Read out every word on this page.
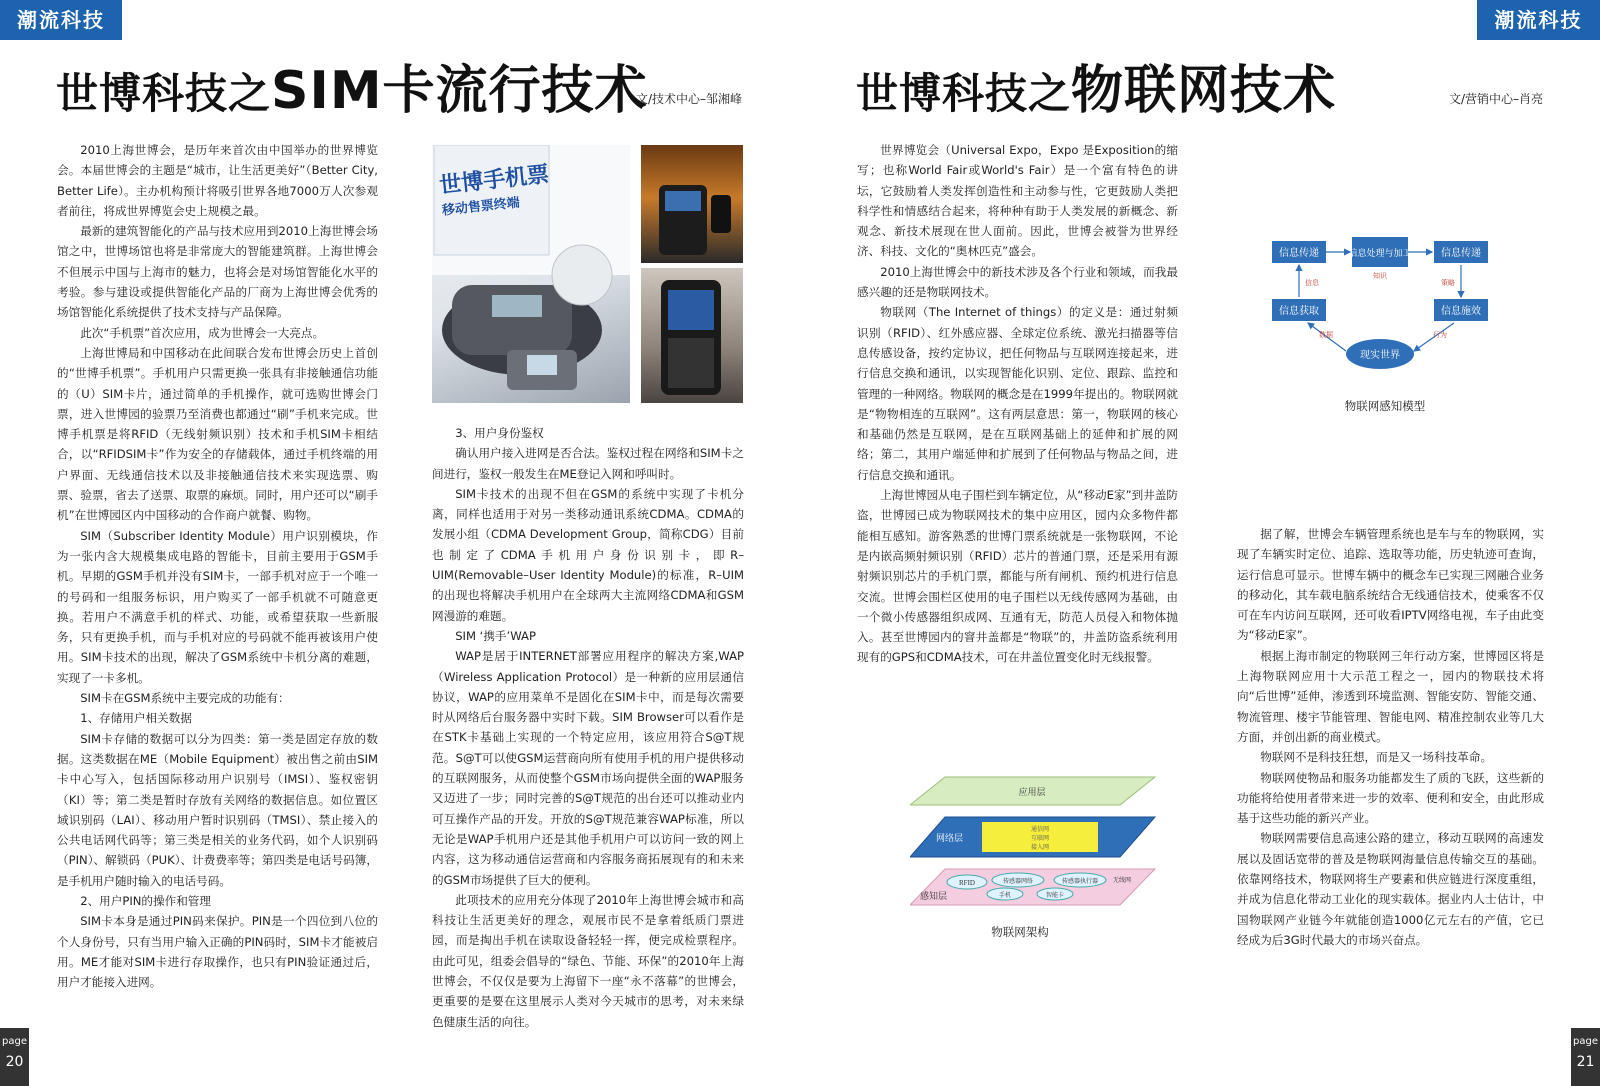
潮流科技
世博科技之SIM卡流行技术
文/技术中心–邹湘峰

2010上海世博会，是历年来首次由中国举办的世界博览会。本届世博会的主题是“城市，让生活更美好”（Better City, Better Life）。主办机构预计将吸引世界各地7000万人次参观者前往，将成世界博览会史上规模之最。

最新的建筑智能化的产品与技术应用到2010上海世博会场馆之中，世博场馆也将是非常庞大的智能建筑群。上海世博会不但展示中国与上海市的魅力，也将会是对场馆智能化水平的考验。参与建设或提供智能化产品的厂商为上海世博会优秀的场馆智能化系统提供了技术支持与产品保障。

此次“手机票”首次应用，成为世博会一大亮点。

上海世博局和中国移动在此间联合发布世博会历史上首创的“世博手机票”。手机用户只需更换一张具有非接触通信功能的（U）SIM卡片，通过简单的手机操作，就可选购世博会门票，进入世博园的验票乃至消费也都通过“刷”手机来完成。世博手机票是将RFID（无线射频识别）技术和手机SIM卡相结合，以“RFIDSIM卡”作为安全的存储载体，通过手机终端的用户界面、无线通信技术以及非接触通信技术来实现选票、购票、验票，省去了送票、取票的麻烦。同时，用户还可以“刷手机”在世博园区内中国移动的合作商户就餐、购物。

SIM（Subscriber Identity Module）用户识别模块，作为一张内含大规模集成电路的智能卡，目前主要用于GSM手机。早期的GSM手机并没有SIM卡，一部手机对应于一个唯一的号码和一组服务标识，用户购买了一部手机就不可随意更换。若用户不满意手机的样式、功能，或希望获取一些新服务，只有更换手机，而与手机对应的号码就不能再被该用户使用。SIM卡技术的出现，解决了GSM系统中卡机分离的难题，实现了一卡多机。

SIM卡在GSM系统中主要完成的功能有：

1、存储用户相关数据

SIM卡存储的数据可以分为四类：第一类是固定存放的数据。这类数据在ME（Mobile Equipment）被出售之前由SIM卡中心写入，包括国际移动用户识别号（IMSI）、鉴权密钥（KI）等；第二类是暂时存放有关网络的数据信息。如位置区域识别码（LAI）、移动用户暂时识别码（TMSI）、禁止接入的公共电话网代码等；第三类是相关的业务代码，如个人识别码（PIN）、解锁码（PUK）、计费费率等；第四类是电话号码簿，是手机用户随时输入的电话号码。

2、用户PIN的操作和管理

SIM卡本身是通过PIN码来保护。PIN是一个四位到八位的个人身份号，只有当用户输入正确的PIN码时，SIM卡才能被启用。ME才能对SIM卡进行存取操作，也只有PIN验证通过后，用户才能接入进网。

世博手机票
移动售票终端

3、用户身份鉴权

确认用户接入进网是否合法。鉴权过程在网络和SIM卡之间进行，鉴权一般发生在ME登记入网和呼叫时。

SIM卡技术的出现不但在GSM的系统中实现了卡机分离，同样也适用于对另一类移动通讯系统CDMA。CDMA的发展小组（CDMA Development Group，简称CDG）目前也制定了CDMA手机用户身份识别卡，即R–UIM(Removable–User Identity Module)的标准，R–UIM的出现也将解决手机用户在全球两大主流网络CDMA和GSM网漫游的难题。

SIM ‘携手’WAP

WAP是居于INTERNET部署应用程序的解决方案,WAP（Wireless Application Protocol）是一种新的应用层通信协议，WAP的应用菜单不是固化在SIM卡中，而是每次需要时从网络后台服务器中实时下载。SIM Browser可以看作是在STK卡基础上实现的一个特定应用，该应用符合S@T规范。S@T可以使GSM运营商向所有使用手机的用户提供移动的互联网服务，从而使整个GSM市场向提供全面的WAP服务又迈进了一步；同时完善的S@T规范的出台还可以推动业内可互操作产品的开发。开放的S@T规范兼容WAP标准，所以无论是WAP手机用户还是其他手机用户可以访问一致的网上内容，这为移动通信运营商和内容服务商拓展现有的和未来的GSM市场提供了巨大的便利。

此项技术的应用充分体现了2010年上海世博会城市和高科技让生活更美好的理念，观展市民不是拿着纸质门票进园，而是掏出手机在读取设备轻轻一挥，便完成检票程序。由此可见，组委会倡导的“绿色、节能、环保”的2010年上海世博会，不仅仅是要为上海留下一座“永不落幕”的世博会，更重要的是要在这里展示人类对今天城市的思考，对未来绿色健康生活的向往。

page
20
潮流科技
世博科技之物联网技术	文/营销中心–肖亮

世界博览会（Universal Expo，Expo 是Exposition的缩写；也称World Fair或World's Fair）是一个富有特色的讲坛，它鼓励着人类发挥创造性和主动参与性，它更鼓励人类把科学性和情感结合起来，将种种有助于人类发展的新概念、新观念、新技术展现在世人面前。因此，世博会被誉为世界经济、科技、文化的“奥林匹克”盛会。

2010上海世博会中的新技术涉及各个行业和领域，而我最感兴趣的还是物联网技术。

物联网（The Internet of things）的定义是：通过射频识别（RFID）、红外感应器、全球定位系统、激光扫描器等信息传感设备，按约定协议，把任何物品与互联网连接起来，进行信息交换和通讯，以实现智能化识别、定位、跟踪、监控和管理的一种网络。物联网的概念是在1999年提出的。物联网就是“物物相连的互联网”。这有两层意思：第一，物联网的核心和基础仍然是互联网，是在互联网基础上的延伸和扩展的网络；第二，其用户端延伸和扩展到了任何物品与物品之间，进行信息交换和通讯。

上海世博园从电子围栏到车辆定位，从“移动E家”到井盖防盗，世博园已成为物联网技术的集中应用区，园内众多物件都能相互感知。游客熟悉的世博门票系统就是一张物联网，不论是内嵌高频射频识别（RFID）芯片的普通门票，还是采用有源射频识别芯片的手机门票，都能与所有闸机、预约机进行信息交流。世博会围栏区使用的电子围栏以无线传感网为基础，由一个微小传感器组织成网、互通有无，防范人员侵入和物体抛入。甚至世博园内的窨井盖都是“物联”的，井盖防盗系统利用现有的GPS和CDMA技术，可在井盖位置变化时无线报警。

信息传递	信息处理与加工	信息传递
信息获取	信息施效
现实世界
信息
知识
策略
数据	行为
物联网感知模型
应用层
网络层
通信网
互联网
接入网
感知层
RFID	传感器网络	传感器执行器
手机	智能卡
无线网
物联网架构

据了解，世博会车辆管理系统也是车与车的物联网，实现了车辆实时定位、追踪、选取等功能，历史轨迹可查询，运行信息可显示。世博车辆中的概念车已实现三网融合业务的移动化，其车载电脑系统结合无线通信技术，使乘客不仅可在车内访问互联网，还可收看IPTV网络电视，车子由此变为“移动E家”。

根据上海市制定的物联网三年行动方案，世博园区将是上海物联网应用十大示范工程之一，园内的物联技术将向“后世博”延伸，渗透到环境监测、智能安防、智能交通、物流管理、楼宇节能管理、智能电网、精准控制农业等几大方面，并创出新的商业模式。

物联网不是科技狂想，而是又一场科技革命。

物联网使物品和服务功能都发生了质的飞跃，这些新的功能将给使用者带来进一步的效率、便利和安全，由此形成基于这些功能的新兴产业。

物联网需要信息高速公路的建立，移动互联网的高速发展以及固话宽带的普及是物联网海量信息传输交互的基础。依靠网络技术，物联网将生产要素和供应链进行深度重组，并成为信息化带动工业化的现实载体。据业内人士估计，中国物联网产业链今年就能创造1000亿元左右的产值，它已经成为后3G时代最大的市场兴奋点。

page
21
